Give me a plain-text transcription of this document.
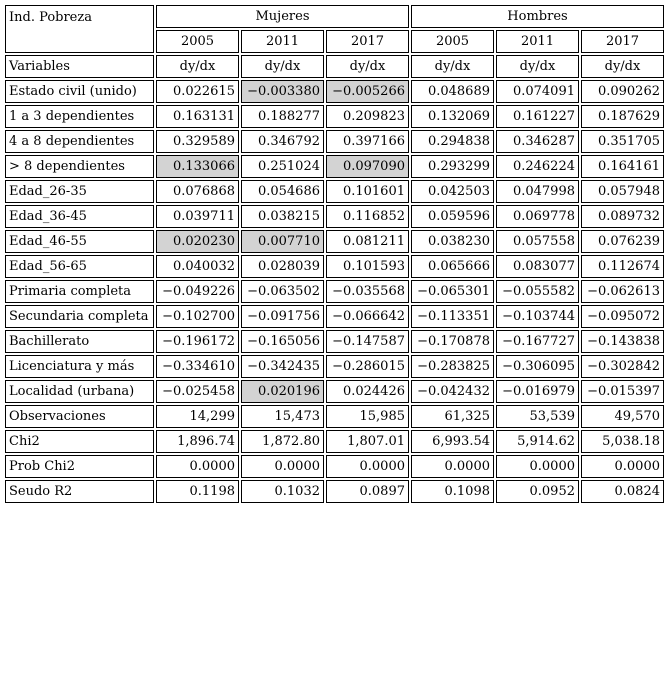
Ind. Pobreza	Mujeres			Hombres		
	2005	2011	2017	2005	2011	2017
Variables	dy/dx	dy/dx	dy/dx	dy/dx	dy/dx	dy/dx
Estado civil (unido)	0.022615	−0.003380	−0.005266	0.048689	0.074091	0.090262
1 a 3 dependientes	0.163131	0.188277	0.209823	0.132069	0.161227	0.187629
4 a 8 dependientes	0.329589	0.346792	0.397166	0.294838	0.346287	0.351705
> 8 dependientes	0.133066	0.251024	0.097090	0.293299	0.246224	0.164161
Edad_26-35	0.076868	0.054686	0.101601	0.042503	0.047998	0.057948
Edad_36-45	0.039711	0.038215	0.116852	0.059596	0.069778	0.089732
Edad_46-55	0.020230	0.007710	0.081211	0.038230	0.057558	0.076239
Edad_56-65	0.040032	0.028039	0.101593	0.065666	0.083077	0.112674
Primaria completa	−0.049226	−0.063502	−0.035568	−0.065301	−0.055582	−0.062613
Secundaria completa	−0.102700	−0.091756	−0.066642	−0.113351	−0.103744	−0.095072
Bachillerato	−0.196172	−0.165056	−0.147587	−0.170878	−0.167727	−0.143838
Licenciatura y más	−0.334610	−0.342435	−0.286015	−0.283825	−0.306095	−0.302842
Localidad (urbana)	−0.025458	0.020196	0.024426	−0.042432	−0.016979	−0.015397
Observaciones	14,299	15,473	15,985	61,325	53,539	49,570
Chi2	1,896.74	1,872.80	1,807.01	6,993.54	5,914.62	5,038.18
Prob Chi2	0.0000	0.0000	0.0000	0.0000	0.0000	0.0000
Seudo R2	0.1198	0.1032	0.0897	0.1098	0.0952	0.0824
